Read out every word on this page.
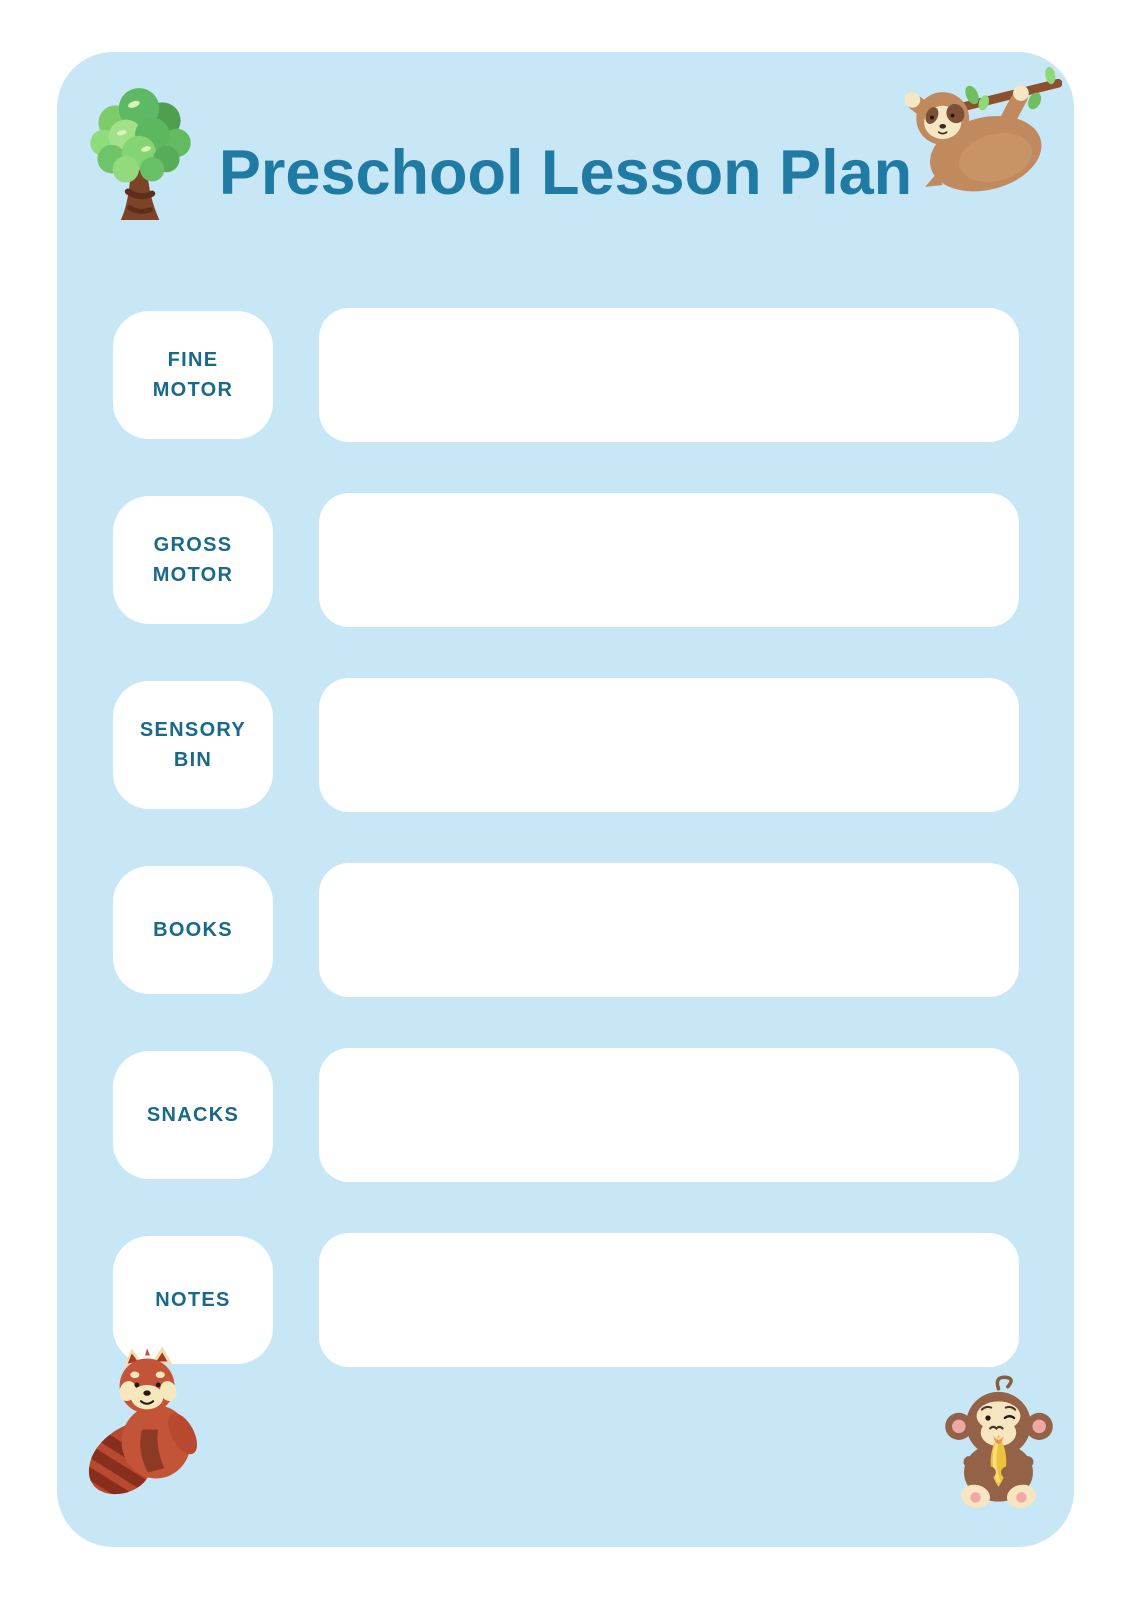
Preschool Lesson Plan
FINE MOTOR
GROSS MOTOR
SENSORY BIN
BOOKS
SNACKS
NOTES
